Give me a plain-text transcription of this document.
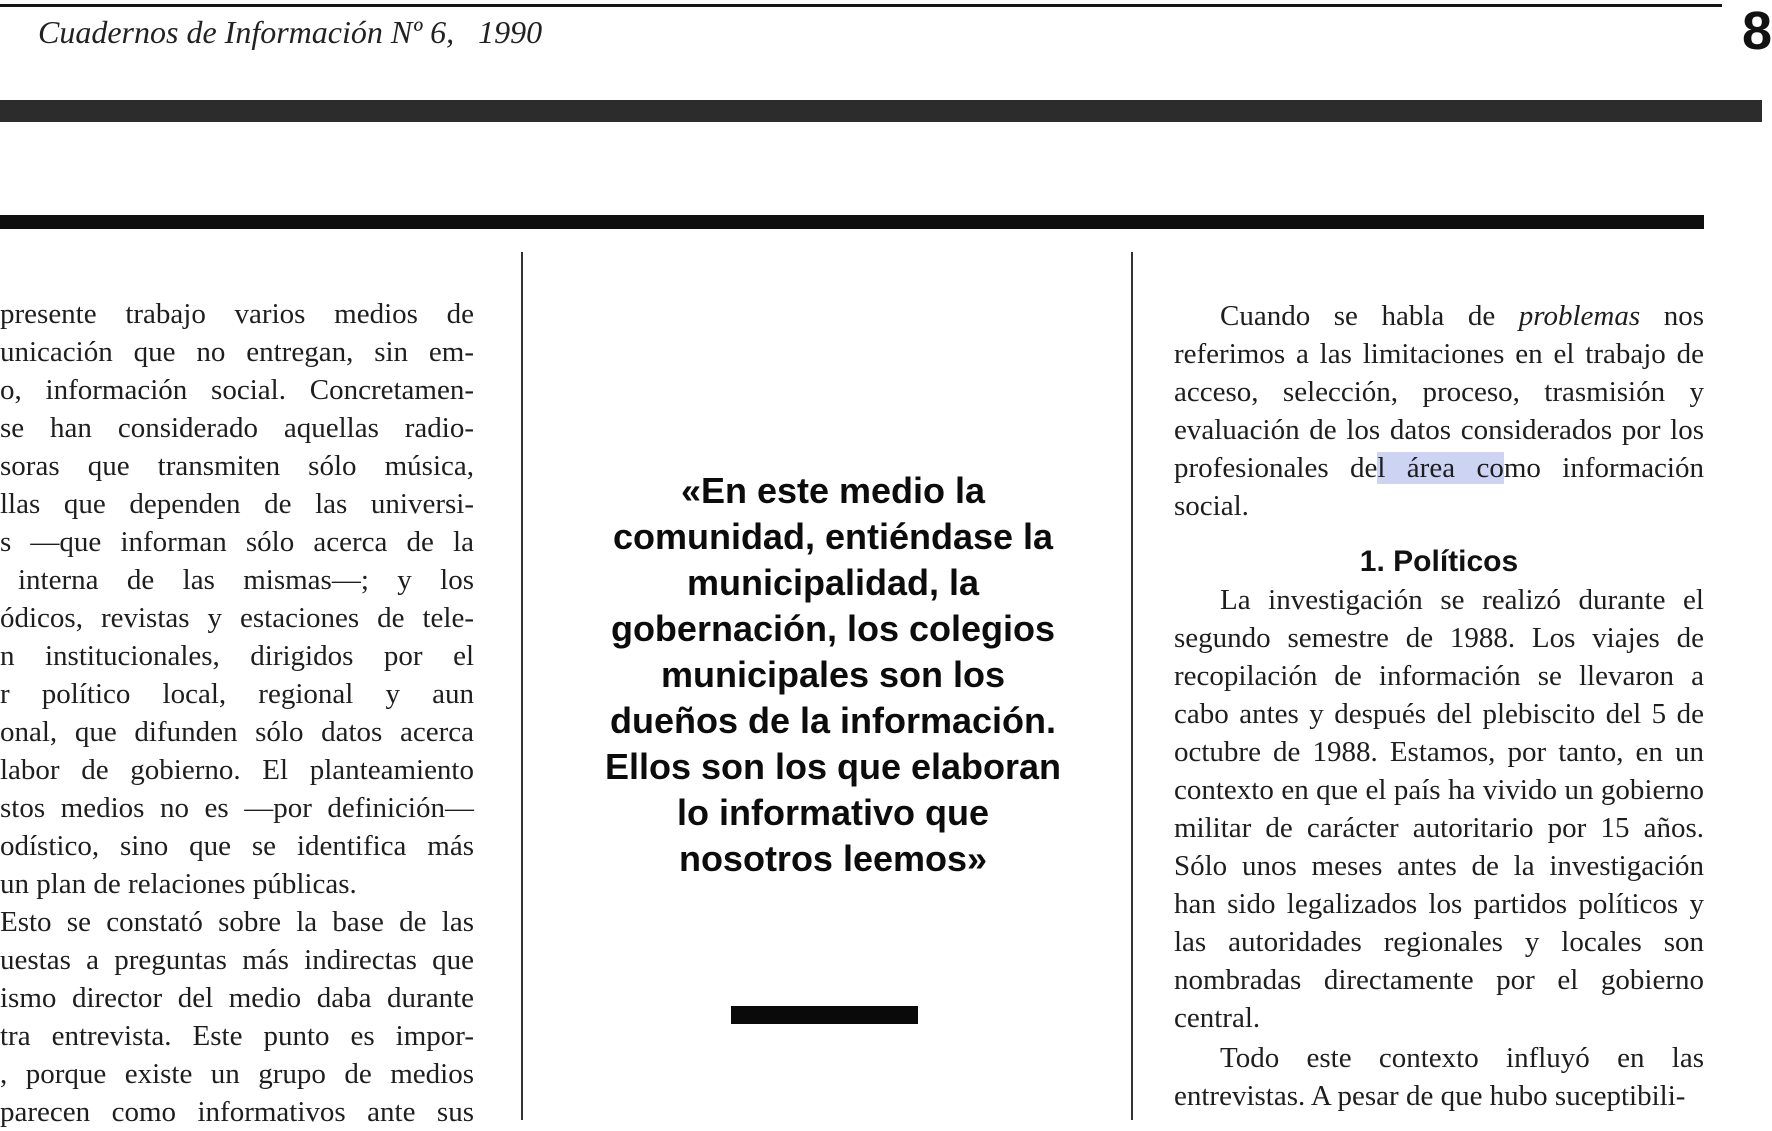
Cuadernos de Información Nº 6, 1990	8
presente trabajo varios medios de
unicación que no entregan, sin em-
o, información social. Concretamen-
se han considerado aquellas radio-
soras que transmiten sólo música,
llas que dependen de las universi-
s —que informan sólo acerca de la
interna de las mismas—; y los
ódicos, revistas y estaciones de tele-
n institucionales, dirigidos por el
r político local, regional y aun
onal, que difunden sólo datos acerca
labor de gobierno. El planteamiento
stos medios no es —por definición—
odístico, sino que se identifica más
un plan de relaciones públicas.
Esto se constató sobre la base de las
uestas a preguntas más indirectas que
ismo director del medio daba durante
tra entrevista. Este punto es impor-
, porque existe un grupo de medios
parecen como informativos ante sus
«En este medio la comunidad, entiéndase la municipalidad, la gobernación, los colegios municipales son los dueños de la información. Ellos son los que elaboran lo informativo que nosotros leemos»

Cuando se habla de problemas nos referimos a las limitaciones en el trabajo de acceso, selección, proceso, trasmisión y evaluación de los datos considerados por los profesionales del área como información social.

1. Políticos

La investigación se realizó durante el segundo semestre de 1988. Los viajes de recopilación de información se llevaron a cabo antes y después del plebiscito del 5 de octubre de 1988. Estamos, por tanto, en un contexto en que el país ha vivido un gobierno militar de carácter autoritario por 15 años. Sólo unos meses antes de la investigación han sido legalizados los partidos políticos y las autoridades regionales y locales son nombradas directamente por el gobierno central.

Todo este contexto influyó en las entrevistas. A pesar de que hubo suceptibili-
